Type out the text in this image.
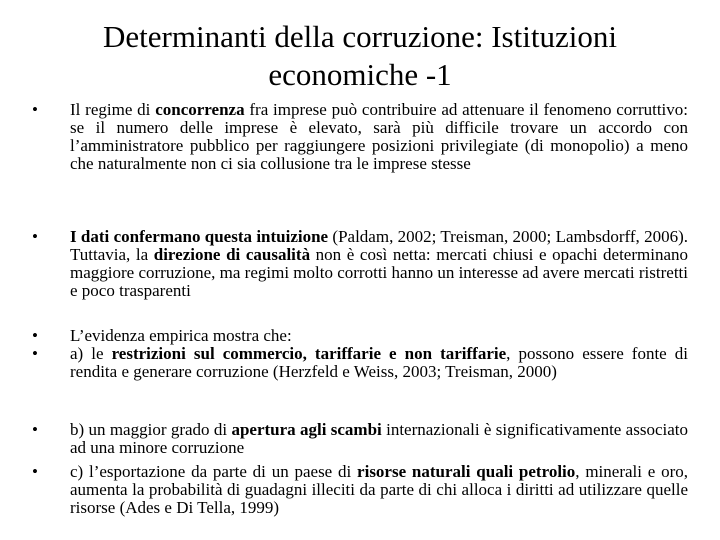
Determinanti della corruzione: Istituzioni
economiche -1
•	Il regime di concorrenza fra imprese può contribuire ad attenuare il fenomeno corruttivo: se il numero delle imprese è elevato, sarà più difficile trovare un accordo con l’amministratore pubblico per raggiungere posizioni privilegiate (di monopolio) a meno che naturalmente non ci sia collusione tra le imprese stesse
•	I dati confermano questa intuizione (Paldam, 2002; Treisman, 2000; Lambsdorff, 2006). Tuttavia, la direzione di causalità non è così netta: mercati chiusi e opachi determinano maggiore corruzione, ma regimi molto corrotti hanno un interesse ad avere mercati ristretti e poco trasparenti
•	L’evidenza empirica mostra che:
•	a) le restrizioni sul commercio, tariffarie e non tariffarie, possono essere fonte di rendita e generare corruzione (Herzfeld e Weiss, 2003; Treisman, 2000)
•	b) un maggior grado di apertura agli scambi internazionali è significativamente associato ad una minore corruzione
•	c) l’esportazione da parte di un paese di risorse naturali quali petrolio, minerali e oro, aumenta la probabilità di guadagni illeciti da parte di chi alloca i diritti ad utilizzare quelle risorse (Ades e Di Tella, 1999)
